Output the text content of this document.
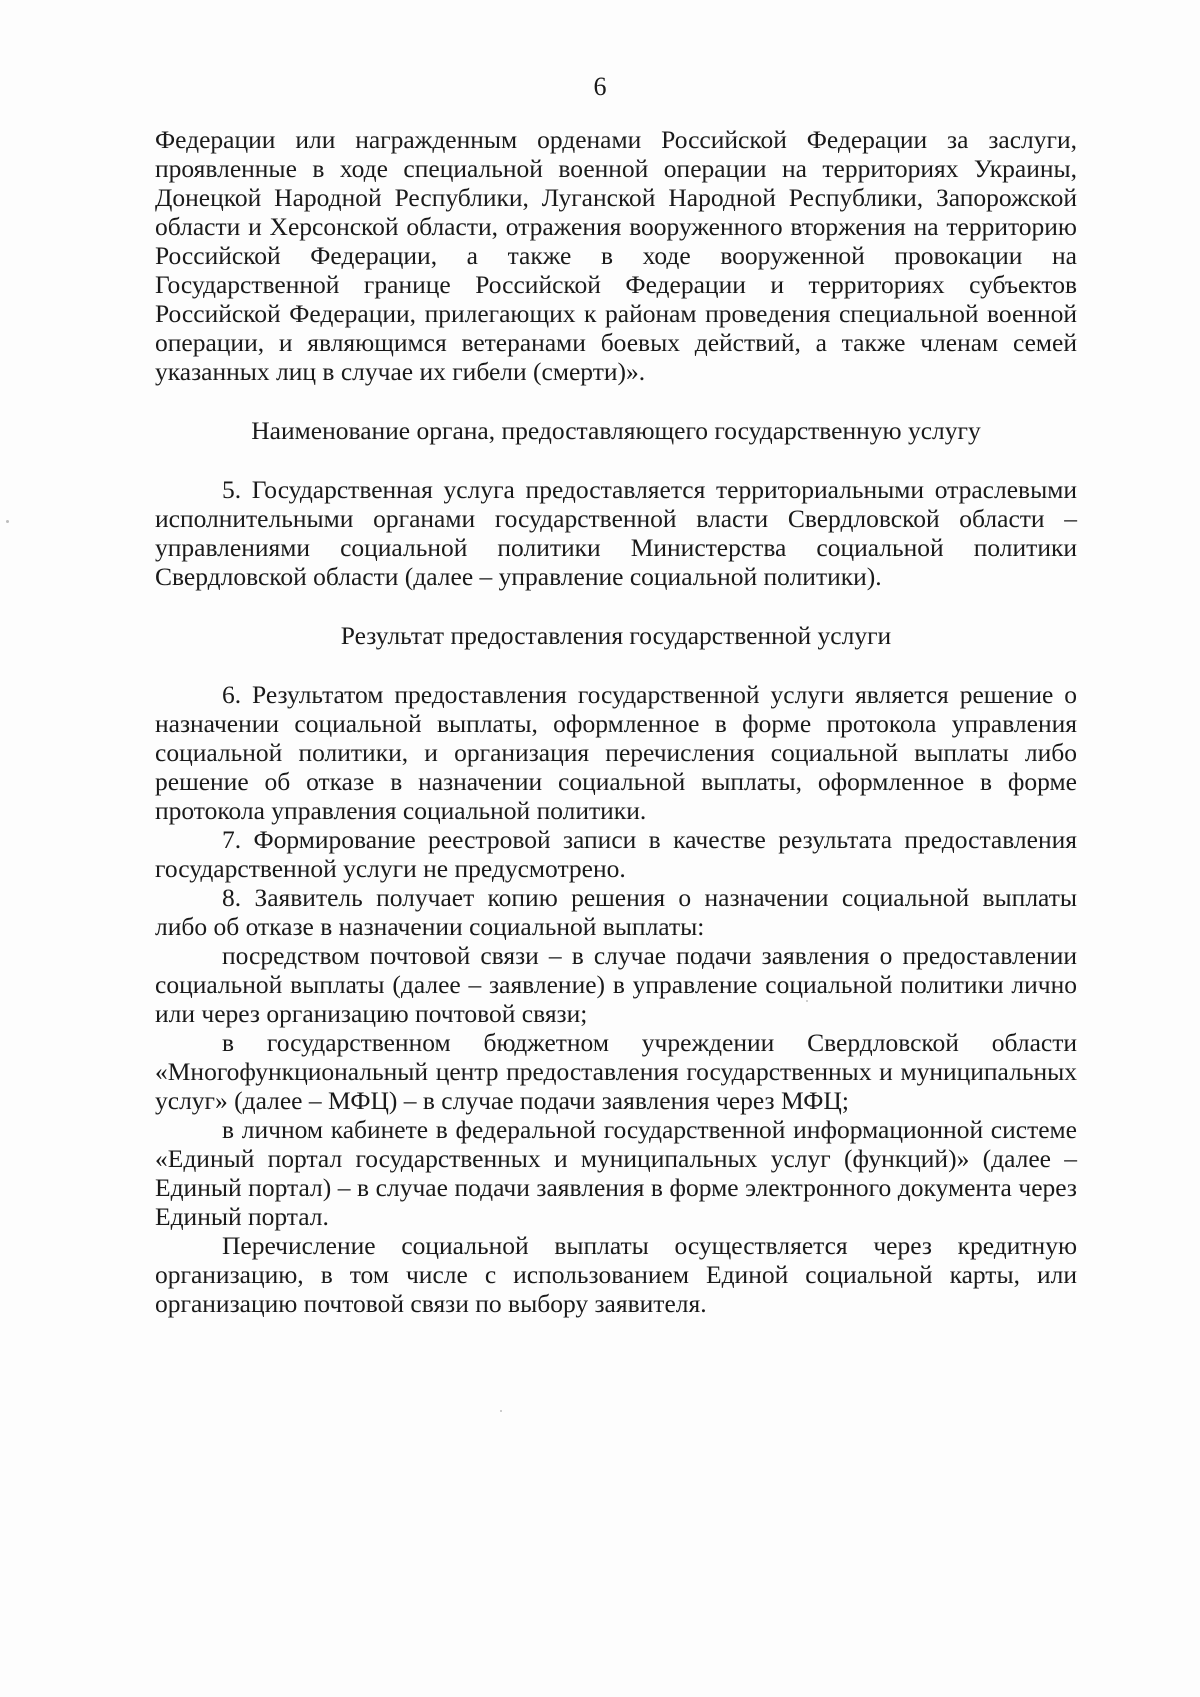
6

Федерации или награжденным орденами Российской Федерации за заслуги, проявленные в ходе специальной военной операции на территориях Украины, Донецкой Народной Республики, Луганской Народной Республики, Запорожской области и Херсонской области, отражения вооруженного вторжения на территорию Российской Федерации, а также в ходе вооруженной провокации на Государственной границе Российской Федерации и территориях субъектов Российской Федерации, прилегающих к районам проведения специальной военной операции, и являющимся ветеранами боевых действий, а также членам семей указанных лиц в случае их гибели (смерти)».

Наименование органа, предоставляющего государственную услугу

5. Государственная услуга предоставляется территориальными отраслевыми исполнительными органами государственной власти Свердловской области – управлениями социальной политики Министерства социальной политики Свердловской области (далее – управление социальной политики).

Результат предоставления государственной услуги

6. Результатом предоставления государственной услуги является решение о назначении социальной выплаты, оформленное в форме протокола управления социальной политики, и организация перечисления социальной выплаты либо решение об отказе в назначении социальной выплаты, оформленное в форме протокола управления социальной политики.

7. Формирование реестровой записи в качестве результата предоставления государственной услуги не предусмотрено.

8. Заявитель получает копию решения о назначении социальной выплаты либо об отказе в назначении социальной выплаты:

посредством почтовой связи – в случае подачи заявления о предоставлении социальной выплаты (далее – заявление) в управление социальной политики лично или через организацию почтовой связи;

в государственном бюджетном учреждении Свердловской области «Многофункциональный центр предоставления государственных и муниципальных услуг» (далее – МФЦ) – в случае подачи заявления через МФЦ;

в личном кабинете в федеральной государственной информационной системе «Единый портал государственных и муниципальных услуг (функций)» (далее – Единый портал) – в случае подачи заявления в форме электронного документа через Единый портал.

Перечисление социальной выплаты осуществляется через кредитную организацию, в том числе с использованием Единой социальной карты, или организацию почтовой связи по выбору заявителя.
